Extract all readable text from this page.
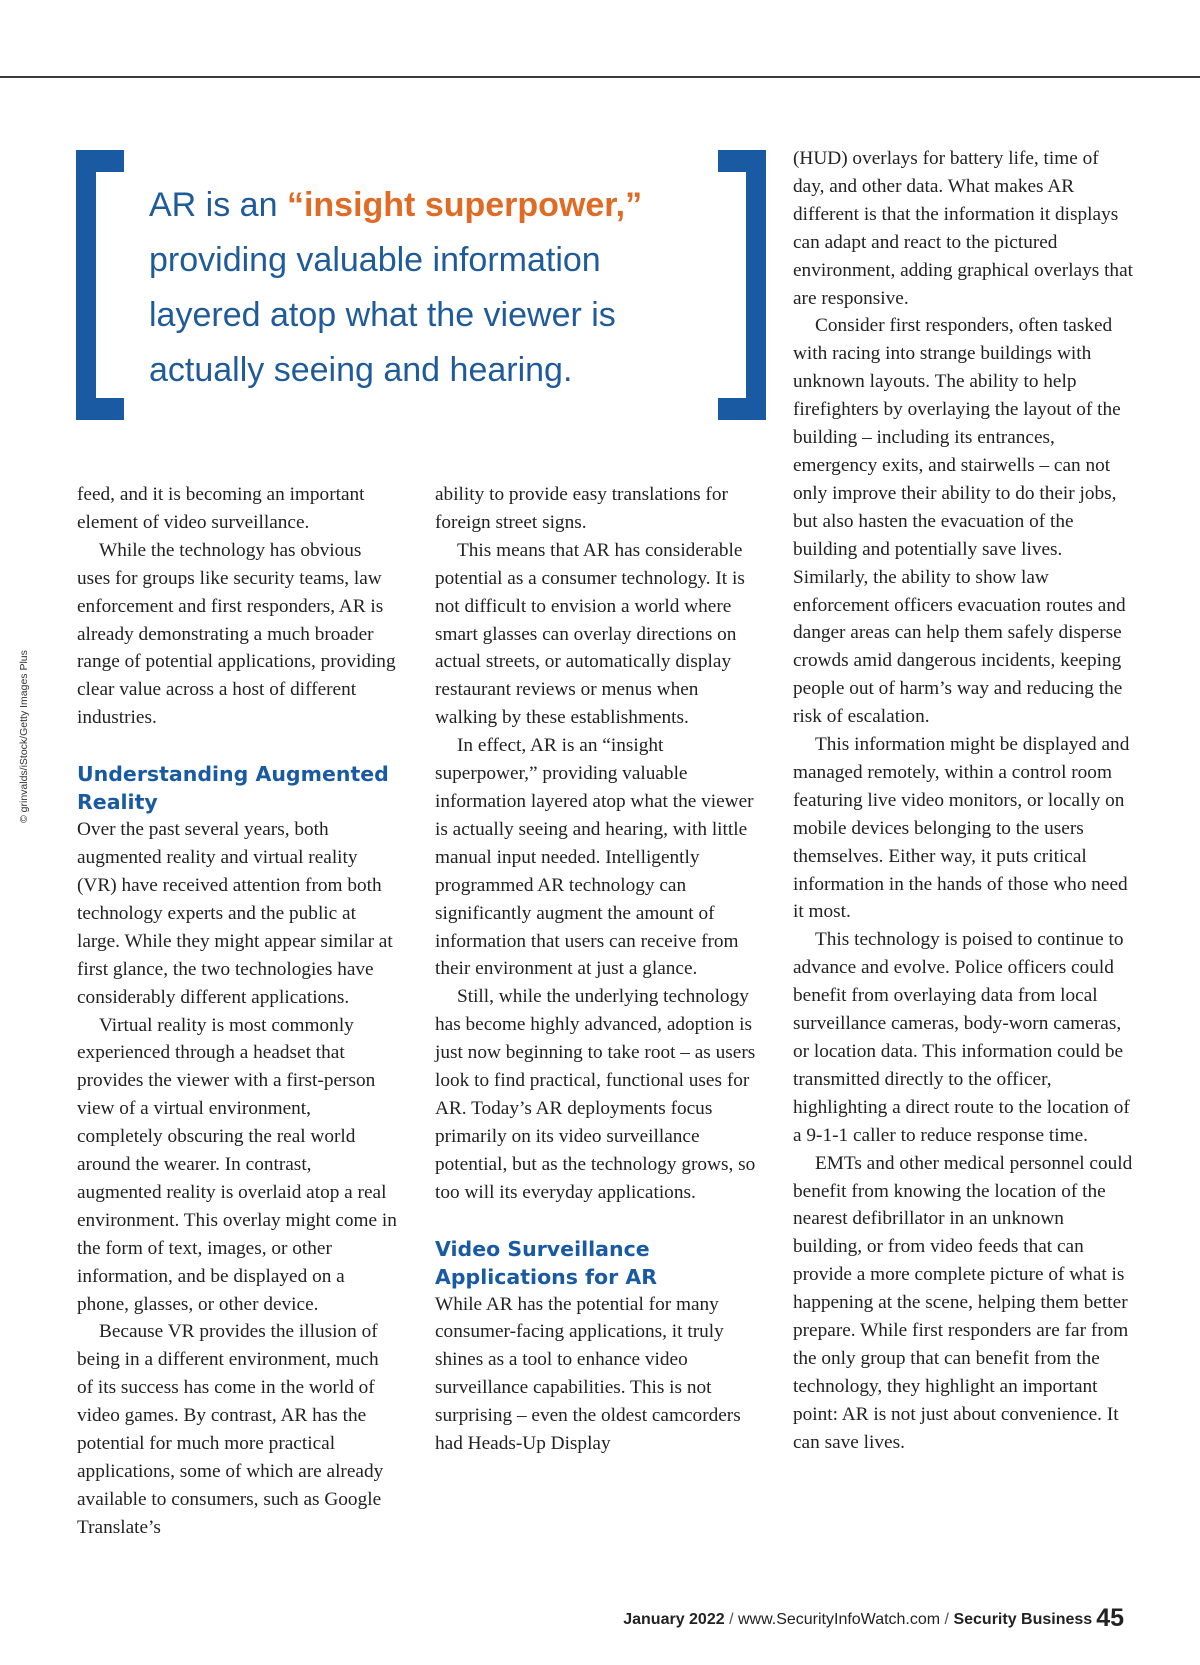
AR is an “insight superpower,” providing valuable information layered atop what the viewer is actually seeing and hearing.

© grinvalds/iStock/Getty Images Plus

feed, and it is becoming an important element of video surveillance.

While the technology has obvious uses for groups like security teams, law enforcement and first responders, AR is already demonstrating a much broader range of potential applications, providing clear value across a host of different industries.

Understanding Augmented Reality

Over the past several years, both augmented reality and virtual reality (VR) have received attention from both technology experts and the public at large. While they might appear similar at first glance, the two technologies have considerably different applications.

Virtual reality is most commonly experienced through a headset that provides the viewer with a first-person view of a virtual environment, completely obscuring the real world around the wearer. In contrast, augmented reality is overlaid atop a real environment. This overlay might come in the form of text, images, or other information, and be displayed on a phone, glasses, or other device.

Because VR provides the illusion of being in a different environment, much of its success has come in the world of video games. By contrast, AR has the potential for much more practical applications, some of which are already available to consumers, such as Google Translate’s

ability to provide easy translations for foreign street signs.

This means that AR has considerable potential as a consumer technology. It is not difficult to envision a world where smart glasses can overlay directions on actual streets, or automatically display restaurant reviews or menus when walking by these establishments.

In effect, AR is an “insight superpower,” providing valuable information layered atop what the viewer is actually seeing and hearing, with little manual input needed. Intelligently programmed AR technology can significantly augment the amount of information that users can receive from their environment at just a glance.

Still, while the underlying technology has become highly advanced, adoption is just now beginning to take root – as users look to find practical, functional uses for AR. Today’s AR deployments focus primarily on its video surveillance potential, but as the technology grows, so too will its everyday applications.

Video Surveillance Applications for AR

While AR has the potential for many consumer-facing applications, it truly shines as a tool to enhance video surveillance capabilities. This is not surprising – even the oldest camcorders had Heads-Up Display

(HUD) overlays for battery life, time of day, and other data. What makes AR different is that the information it displays can adapt and react to the pictured environment, adding graphical overlays that are responsive.

Consider first responders, often tasked with racing into strange buildings with unknown layouts. The ability to help firefighters by overlaying the layout of the building – including its entrances, emergency exits, and stairwells – can not only improve their ability to do their jobs, but also hasten the evacuation of the building and potentially save lives. Similarly, the ability to show law enforcement officers evacuation routes and danger areas can help them safely disperse crowds amid dangerous incidents, keeping people out of harm’s way and reducing the risk of escalation.

This information might be displayed and managed remotely, within a control room featuring live video monitors, or locally on mobile devices belonging to the users themselves. Either way, it puts critical information in the hands of those who need it most.

This technology is poised to continue to advance and evolve. Police officers could benefit from overlaying data from local surveillance cameras, body-worn cameras, or location data. This information could be transmitted directly to the officer, highlighting a direct route to the location of a 9-1-1 caller to reduce response time.

EMTs and other medical personnel could benefit from knowing the location of the nearest defibrillator in an unknown building, or from video feeds that can provide a more complete picture of what is happening at the scene, helping them better prepare. While first responders are far from the only group that can benefit from the technology, they highlight an important point: AR is not just about convenience. It can save lives.

January 2022 / www.SecurityInfoWatch.com / Security Business 45
